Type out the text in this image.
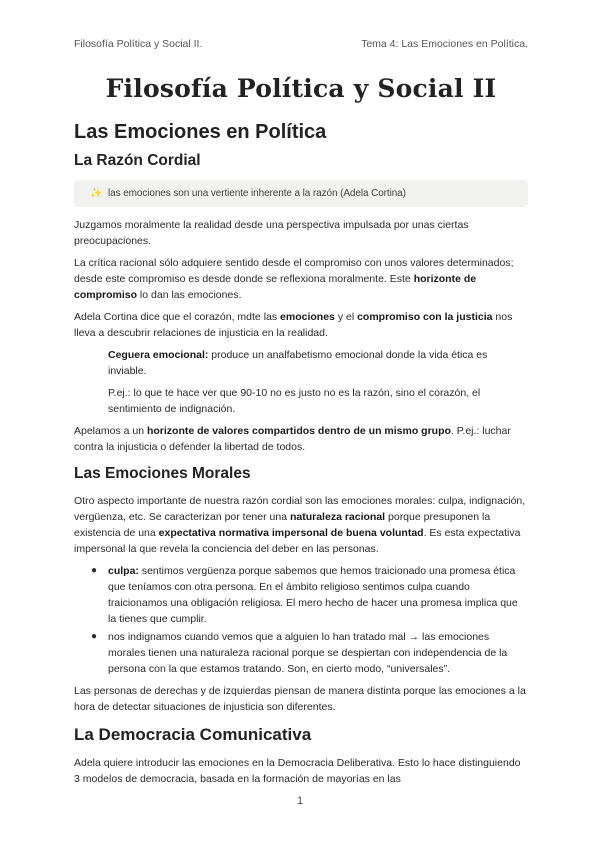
Filosofía Política y Social II.	Tema 4: Las Emociones en Política.
Filosofía Política y Social II
Las Emociones en Política
La Razón Cordial
✨ las emociones son una vertiente inherente a la razón (Adela Cortina)

Juzgamos moralmente la realidad desde una perspectiva impulsada por unas ciertas preocupaciones.

La crítica racional sólo adquiere sentido desde el compromiso con unos valores determinados; desde este compromiso es desde donde se reflexiona moralmente. Este horizonte de compromiso lo dan las emociones.

Adela Cortina dice que el corazón, mdte las emociones y el compromiso con la justicia nos lleva a descubrir relaciones de injusticia en la realidad.

Ceguera emocional: produce un analfabetismo emocional donde la vida ética es inviable.

P.ej.: lo que te hace ver que 90-10 no es justo no es la razón, sino el corazón, el sentimiento de indignación.

Apelamos a un horizonte de valores compartidos dentro de un mismo grupo. P.ej.: luchar contra la injusticia o defender la libertad de todos.

Las Emociones Morales

Otro aspecto importante de nuestra razón cordial son las emociones morales: culpa, indignación, vergüenza, etc. Se caracterizan por tener una naturaleza racional porque presuponen la existencia de una expectativa normativa impersonal de buena voluntad. Es esta expectativa impersonal la que revela la conciencia del deber en las personas.

● culpa: sentimos vergüenza porque sabemos que hemos traicionado una promesa ética que teníamos con otra persona. En el ámbito religioso sentimos culpa cuando traicionamos una obligación religiosa. El mero hecho de hacer una promesa implica que la tienes que cumplir.
● nos indignamos cuando vemos que a alguien lo han tratado mal → las emociones morales tienen una naturaleza racional porque se despiertan con independencia de la persona con la que estamos tratando. Son, en cierto modo, “universales”.

Las personas de derechas y de izquierdas piensan de manera distinta porque las emociones a la hora de detectar situaciones de injusticia son diferentes.

La Democracia Comunicativa

Adela quiere introducir las emociones en la Democracia Deliberativa. Esto lo hace distinguiendo 3 modelos de democracia, basada en la formación de mayorías en las

1
